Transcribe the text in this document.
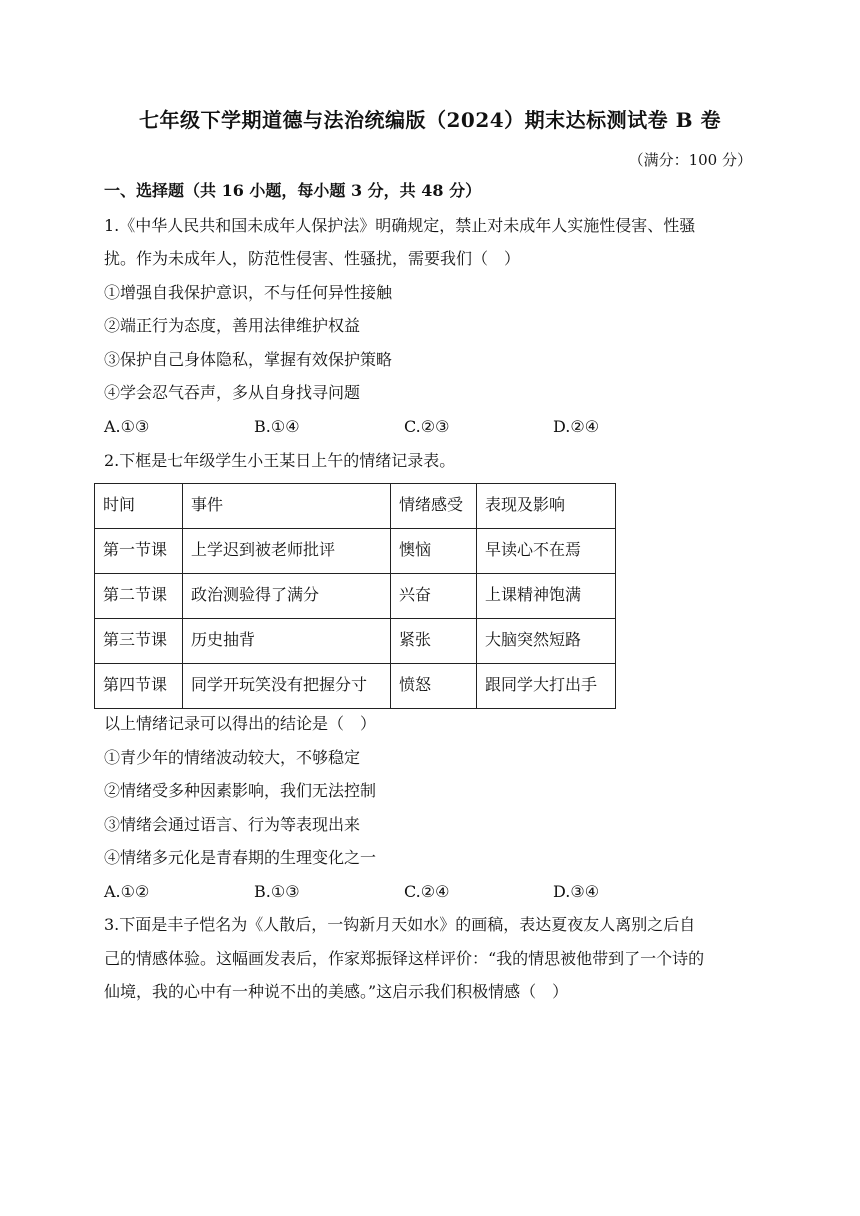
七年级下学期道德与法治统编版（2024）期末达标测试卷 B 卷
（满分：100 分）
一、选择题（共 16 小题，每小题 3 分，共 48 分）
1.《中华人民共和国未成年人保护法》明确规定，禁止对未成年人实施性侵害、性骚
扰。作为未成年人，防范性侵害、性骚扰，需要我们（　）
①增强自我保护意识，不与任何异性接触
②端正行为态度，善用法律维护权益
③保护自己身体隐私，掌握有效保护策略
④学会忍气吞声，多从自身找寻问题
A.①③	B.①④	C.②③	D.②④
2.下框是七年级学生小王某日上午的情绪记录表。
时间	事件	情绪感受	表现及影响
第一节课	上学迟到被老师批评	懊恼	早读心不在焉
第二节课	政治测验得了满分	兴奋	上课精神饱满
第三节课	历史抽背	紧张	大脑突然短路
第四节课	同学开玩笑没有把握分寸	愤怒	跟同学大打出手
以上情绪记录可以得出的结论是（　）
①青少年的情绪波动较大，不够稳定
②情绪受多种因素影响，我们无法控制
③情绪会通过语言、行为等表现出来
④情绪多元化是青春期的生理变化之一
A.①②	B.①③	C.②④	D.③④
3.下面是丰子恺名为《人散后，一钩新月天如水》的画稿，表达夏夜友人离别之后自
己的情感体验。这幅画发表后，作家郑振铎这样评价：“我的情思被他带到了一个诗的
仙境，我的心中有一种说不出的美感。”这启示我们积极情感（　）
